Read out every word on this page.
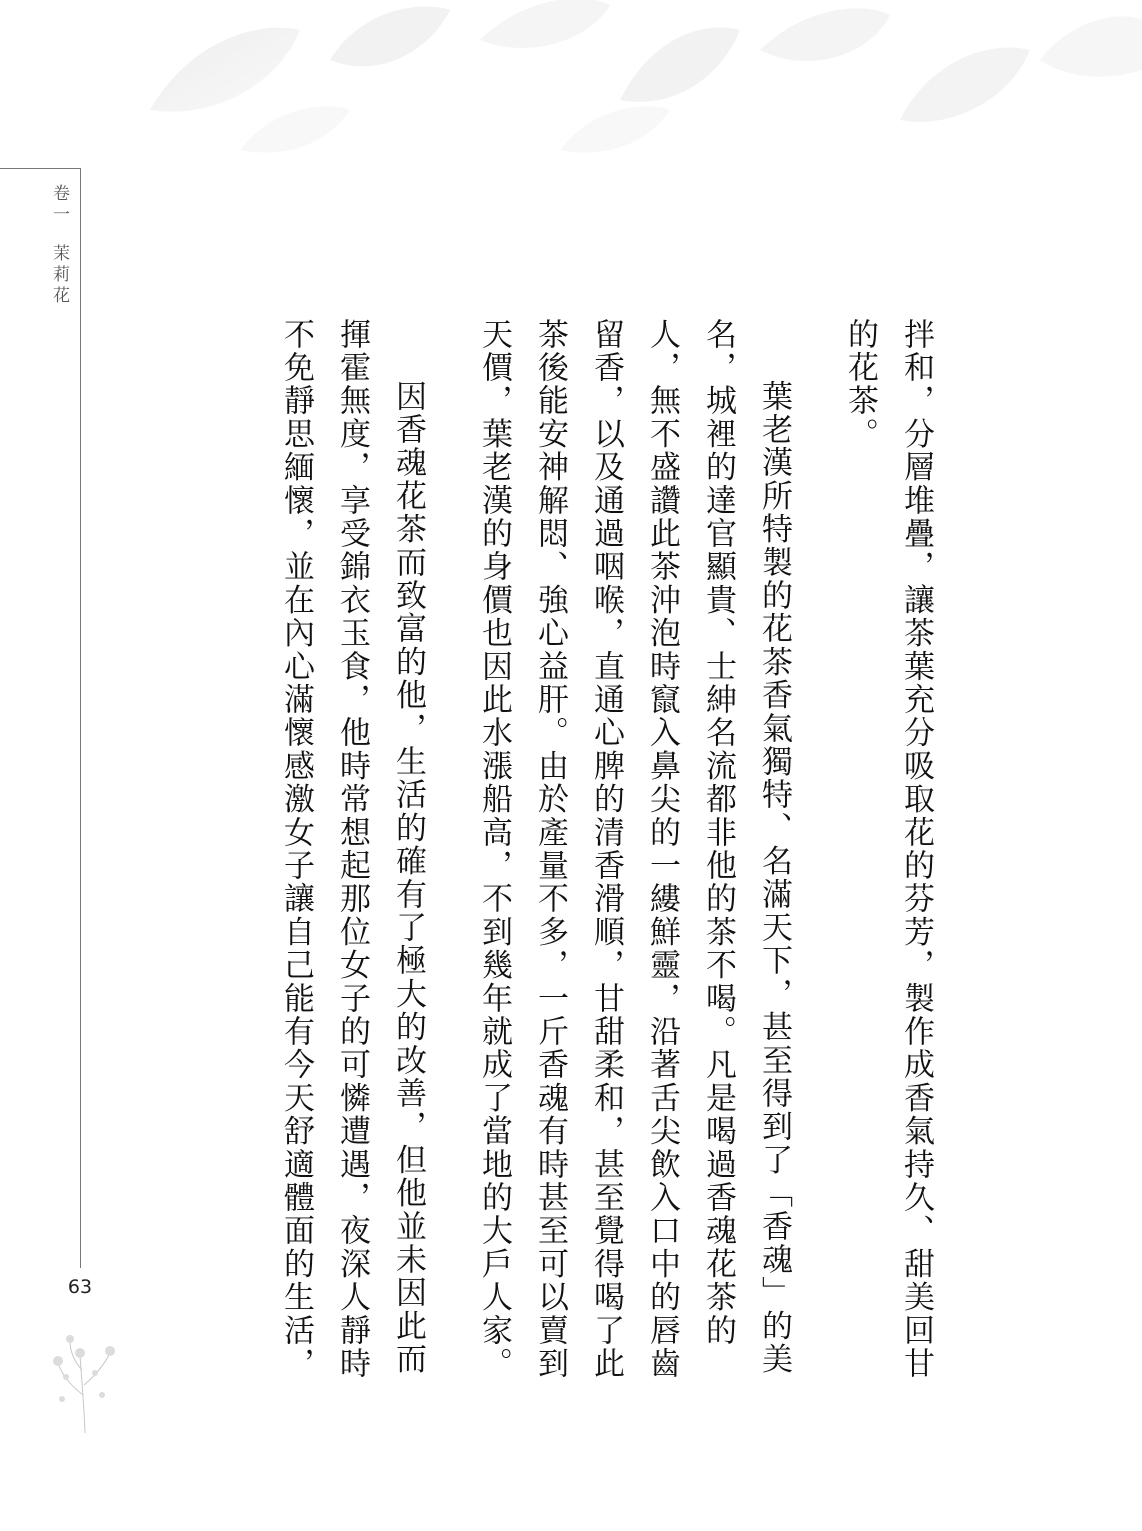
卷一茉莉花
63	拌和，分層堆疊，讓茶葉充分吸取花的芬芳，製作成香氣持久、甜美回甘的花茶。

葉老漢所特製的花茶香氣獨特、名滿天下，甚至得到了「香魂」的美名，城裡的達官顯貴、士紳名流都非他的茶不喝。凡是喝過香魂花茶的人，無不盛讚此茶沖泡時竄入鼻尖的一縷鮮靈，沿著舌尖飲入口中的唇齒留香，以及通過咽喉，直通心脾的清香滑順，甘甜柔和，甚至覺得喝了此茶後能安神解悶、強心益肝。由於產量不多，一斤香魂有時甚至可以賣到天價，葉老漢的身價也因此水漲船高，不到幾年就成了當地的大戶人家。

因香魂花茶而致富的他，生活的確有了極大的改善，但他並未因此而揮霍無度，享受錦衣玉食，他時常想起那位女子的可憐遭遇，夜深人靜時不免靜思緬懷，並在內心滿懷感激女子讓自己能有今天舒適體面的生活，
